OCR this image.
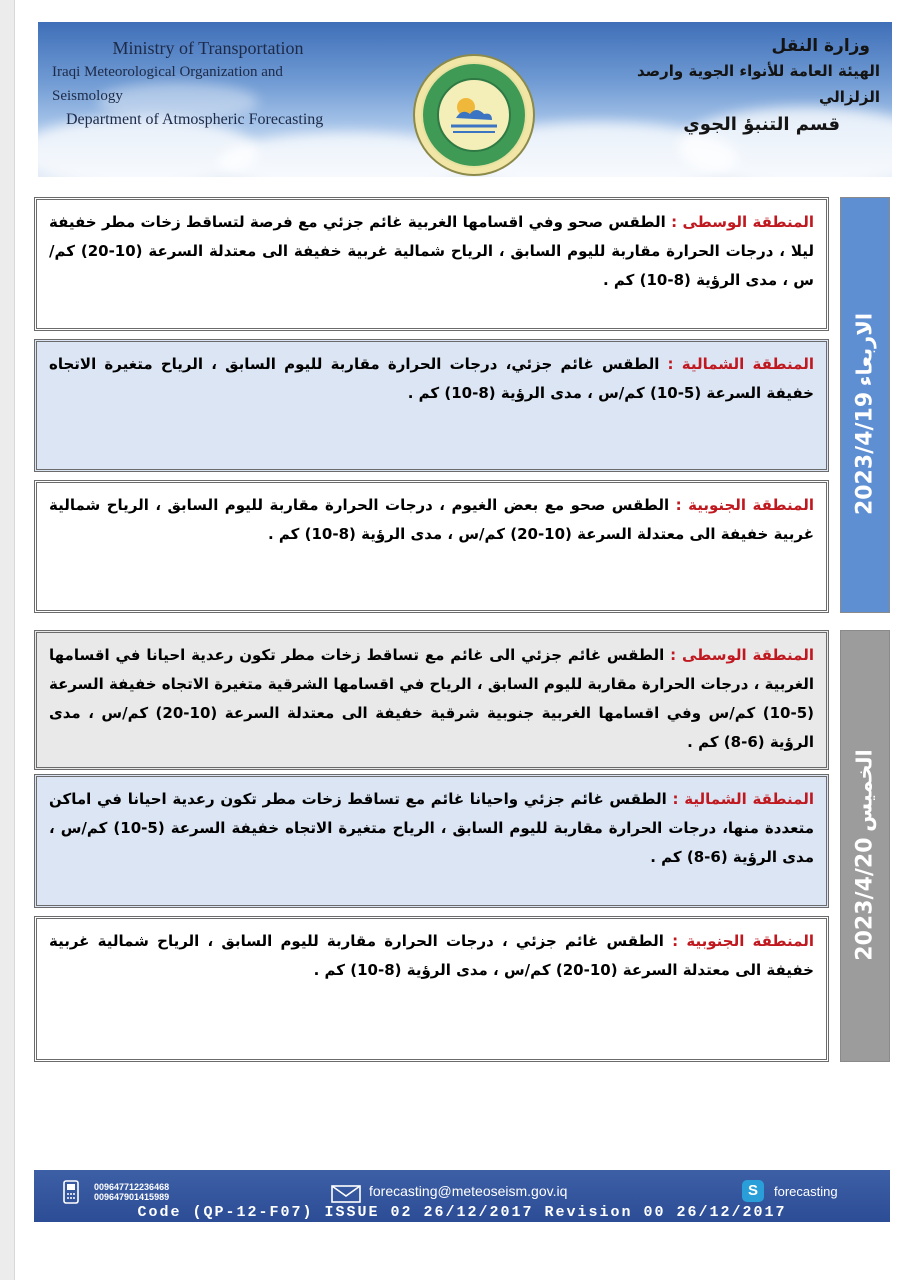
Ministry of Transportation
Iraqi Meteorological Organization and Seismology
Department of Atmospheric Forecasting
وزارة النقل
الهيئة العامة للأنواء الجوية وارصد الزلزالي
قسم التنبؤ الجوي
المنطقة الوسطى : الطقس صحو وفي اقسامها الغربية غائم جزئي مع فرصة لتساقط زخات مطر خفيفة ليلا ، درجات الحرارة مقاربة لليوم السابق ، الرياح شمالية غربية خفيفة الى معتدلة السرعة (10-20) كم/س ، مدى الرؤية (8-10) كم .
المنطقة الشمالية : الطقس غائم جزئي، درجات الحرارة مقاربة لليوم السابق ، الرياح متغيرة الاتجاه خفيفة السرعة (5-10) كم/س ، مدى الرؤية (8-10) كم .
المنطقة الجنوبية : الطقس صحو مع بعض الغيوم ، درجات الحرارة مقاربة لليوم السابق ، الرياح شمالية غربية خفيفة الى معتدلة السرعة (10-20) كم/س ، مدى الرؤية (8-10) كم .
2023/4/19 الاربعاء
المنطقة الوسطى : الطقس غائم جزئي الى غائم مع تساقط زخات مطر تكون رعدية احيانا في اقسامها الغربية ، درجات الحرارة مقاربة لليوم السابق ، الرياح في اقسامها الشرقية متغيرة الاتجاه خفيفة السرعة (5-10) كم/س وفي اقسامها الغربية جنوبية شرقية خفيفة الى معتدلة السرعة (10-20) كم/س ، مدى الرؤية (6-8) كم .
المنطقة الشمالية : الطقس غائم جزئي واحيانا غائم مع تساقط زخات مطر تكون رعدية احيانا في اماكن متعددة منها، درجات الحرارة مقاربة لليوم السابق ، الرياح متغيرة الاتجاه خفيفة السرعة (5-10) كم/س ، مدى الرؤية (6-8) كم .
المنطقة الجنوبية : الطقس غائم جزئي ، درجات الحرارة مقاربة لليوم السابق ، الرياح شمالية غربية خفيفة الى معتدلة السرعة (10-20) كم/س ، مدى الرؤية (8-10) كم .
2023/4/20 الخميس
009647712236468
009647901415989	forecasting@meteoseism.gov.iq	S	forecasting
Code (QP-12-F07) ISSUE 02 26/12/2017 Revision 00 26/12/2017
